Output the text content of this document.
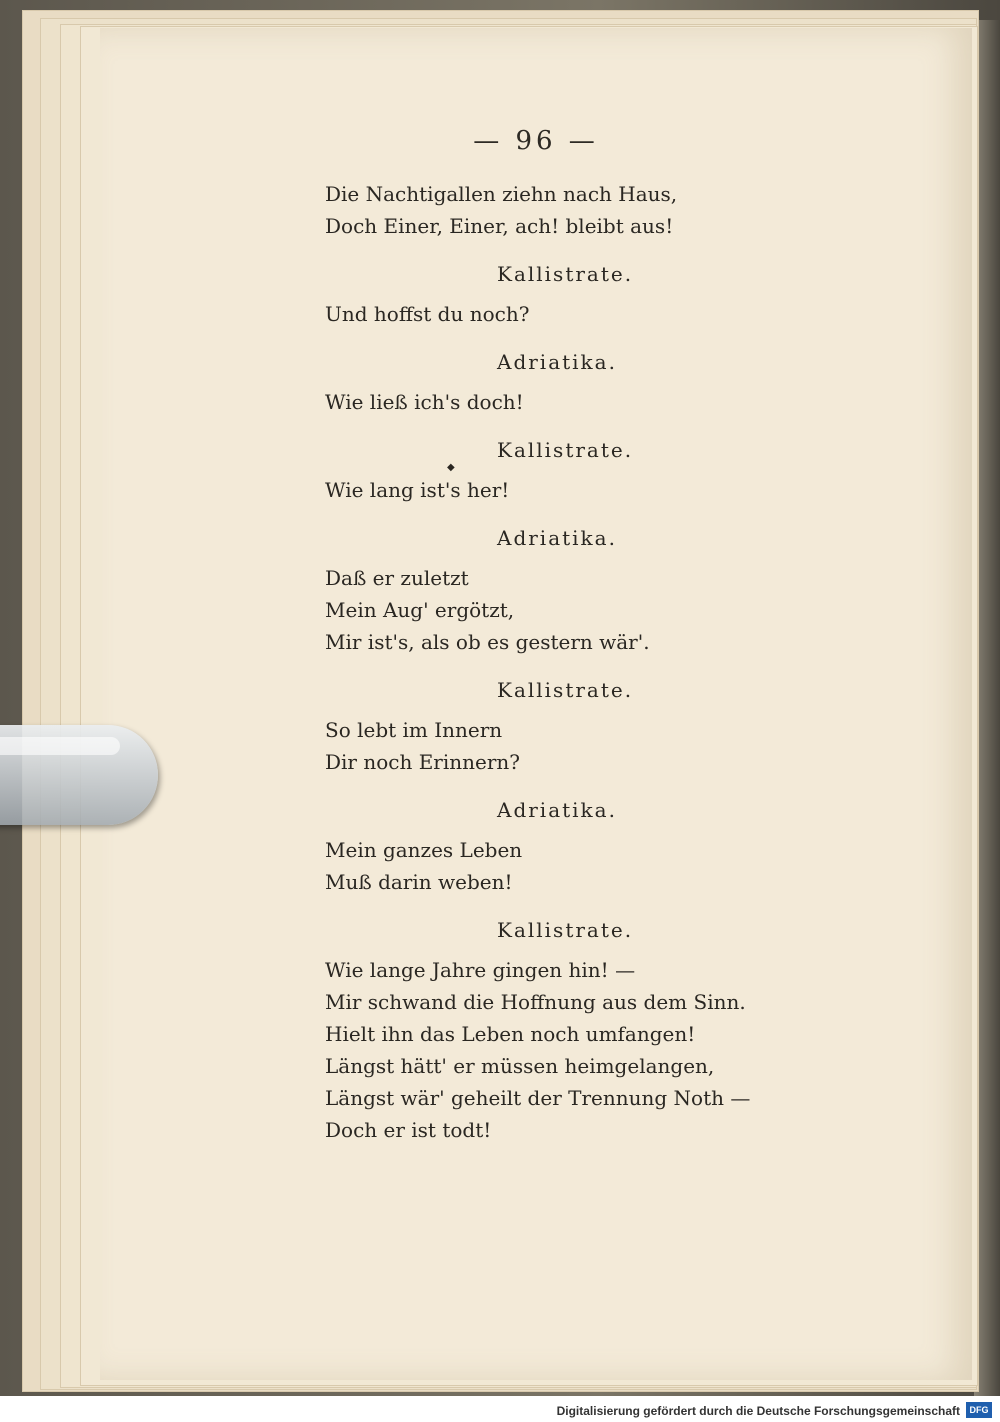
— 96 —
Die Nachtigallen ziehn nach Haus,
Doch Einer, Einer, ach! bleibt aus!
Kallistrate.
Und hoffst du noch?
Adriatika.
Wie ließ ich's doch!
Kallistrate.
Wie lang ist's her!
Adriatika.
Daß er zuletzt
Mein Aug' ergötzt,
Mir ist's, als ob es gestern wär'.
Kallistrate.
So lebt im Innern
Dir noch Erinnern?
Adriatika.
Mein ganzes Leben
Muß darin weben!
Kallistrate.
Wie lange Jahre gingen hin! —
Mir schwand die Hoffnung aus dem Sinn.
Hielt ihn das Leben noch umfangen!
Längst hätt' er müssen heimgelangen,
Längst wär' geheilt der Trennung Noth —
Doch er ist todt!
◆
Digitalisierung gefördert durch die Deutsche Forschungsgemeinschaft	DFG
